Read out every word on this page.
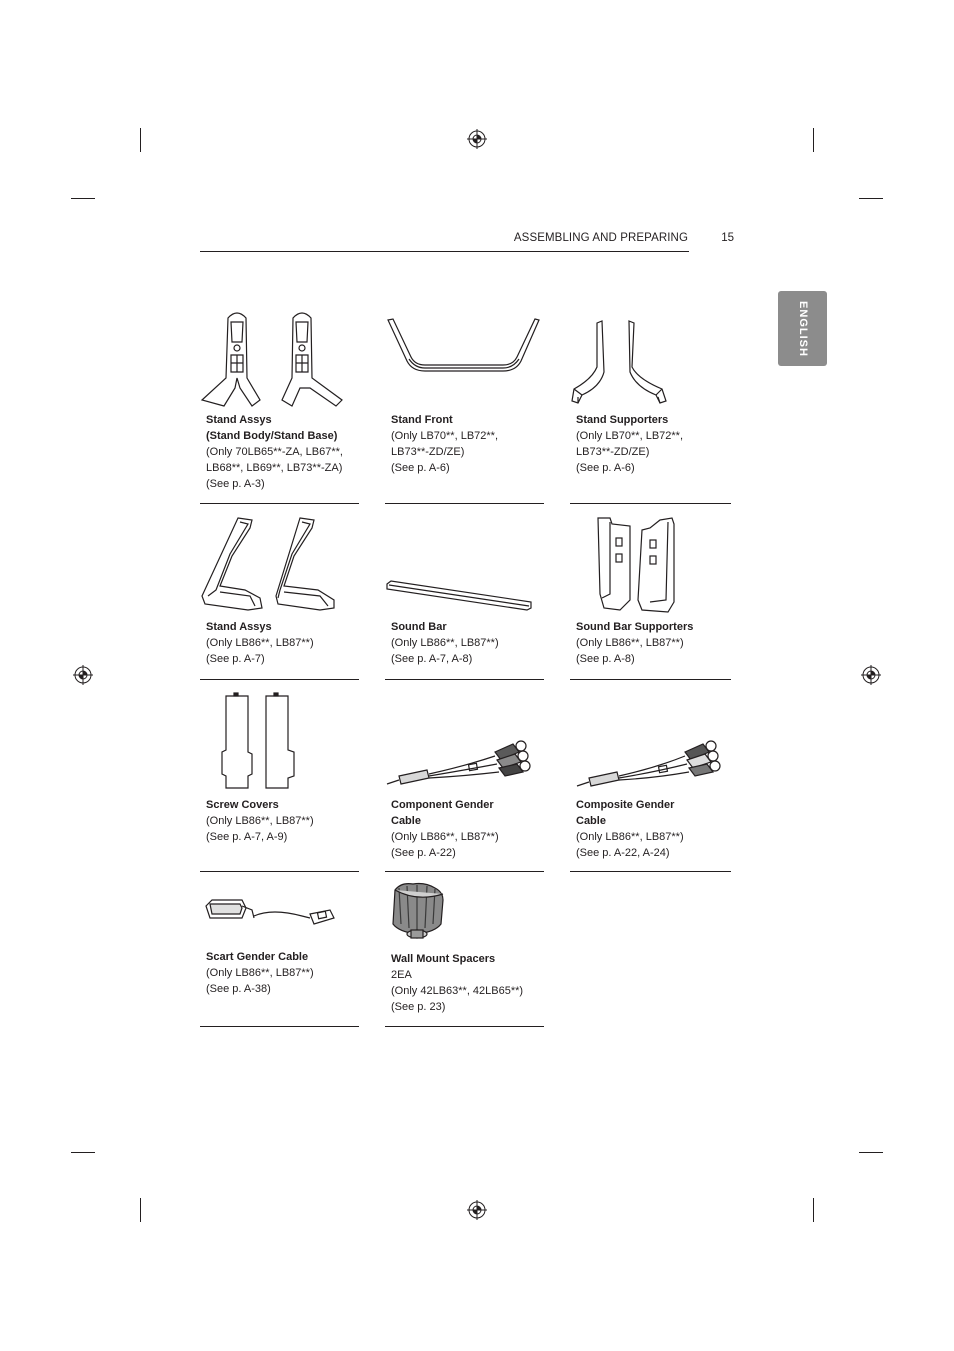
ASSEMBLING AND PREPARING	15
ENGLISH
Stand Assys
(Stand Body/Stand Base)
(Only 70LB65**-ZA, LB67**,
LB68**, LB69**, LB73**-ZA)
(See p. A-3)
Stand Front
(Only LB70**, LB72**,
LB73**-ZD/ZE)
(See p. A-6)
Stand Supporters
(Only LB70**, LB72**,
LB73**-ZD/ZE)
(See p. A-6)
Stand Assys
(Only LB86**, LB87**)
(See p. A-7)
Sound Bar
(Only LB86**, LB87**)
(See p. A-7, A-8)
Sound Bar Supporters
(Only LB86**, LB87**)
(See p. A-8)
Screw Covers
(Only LB86**, LB87**)
(See p. A-7, A-9)
Component Gender
Cable
(Only LB86**, LB87**)
(See p. A-22)
Composite Gender
Cable
(Only LB86**, LB87**)
(See p. A-22, A-24)
Scart Gender Cable
(Only LB86**, LB87**)
(See p. A-38)
Wall Mount Spacers
2EA
(Only 42LB63**, 42LB65**)
(See p. 23)
